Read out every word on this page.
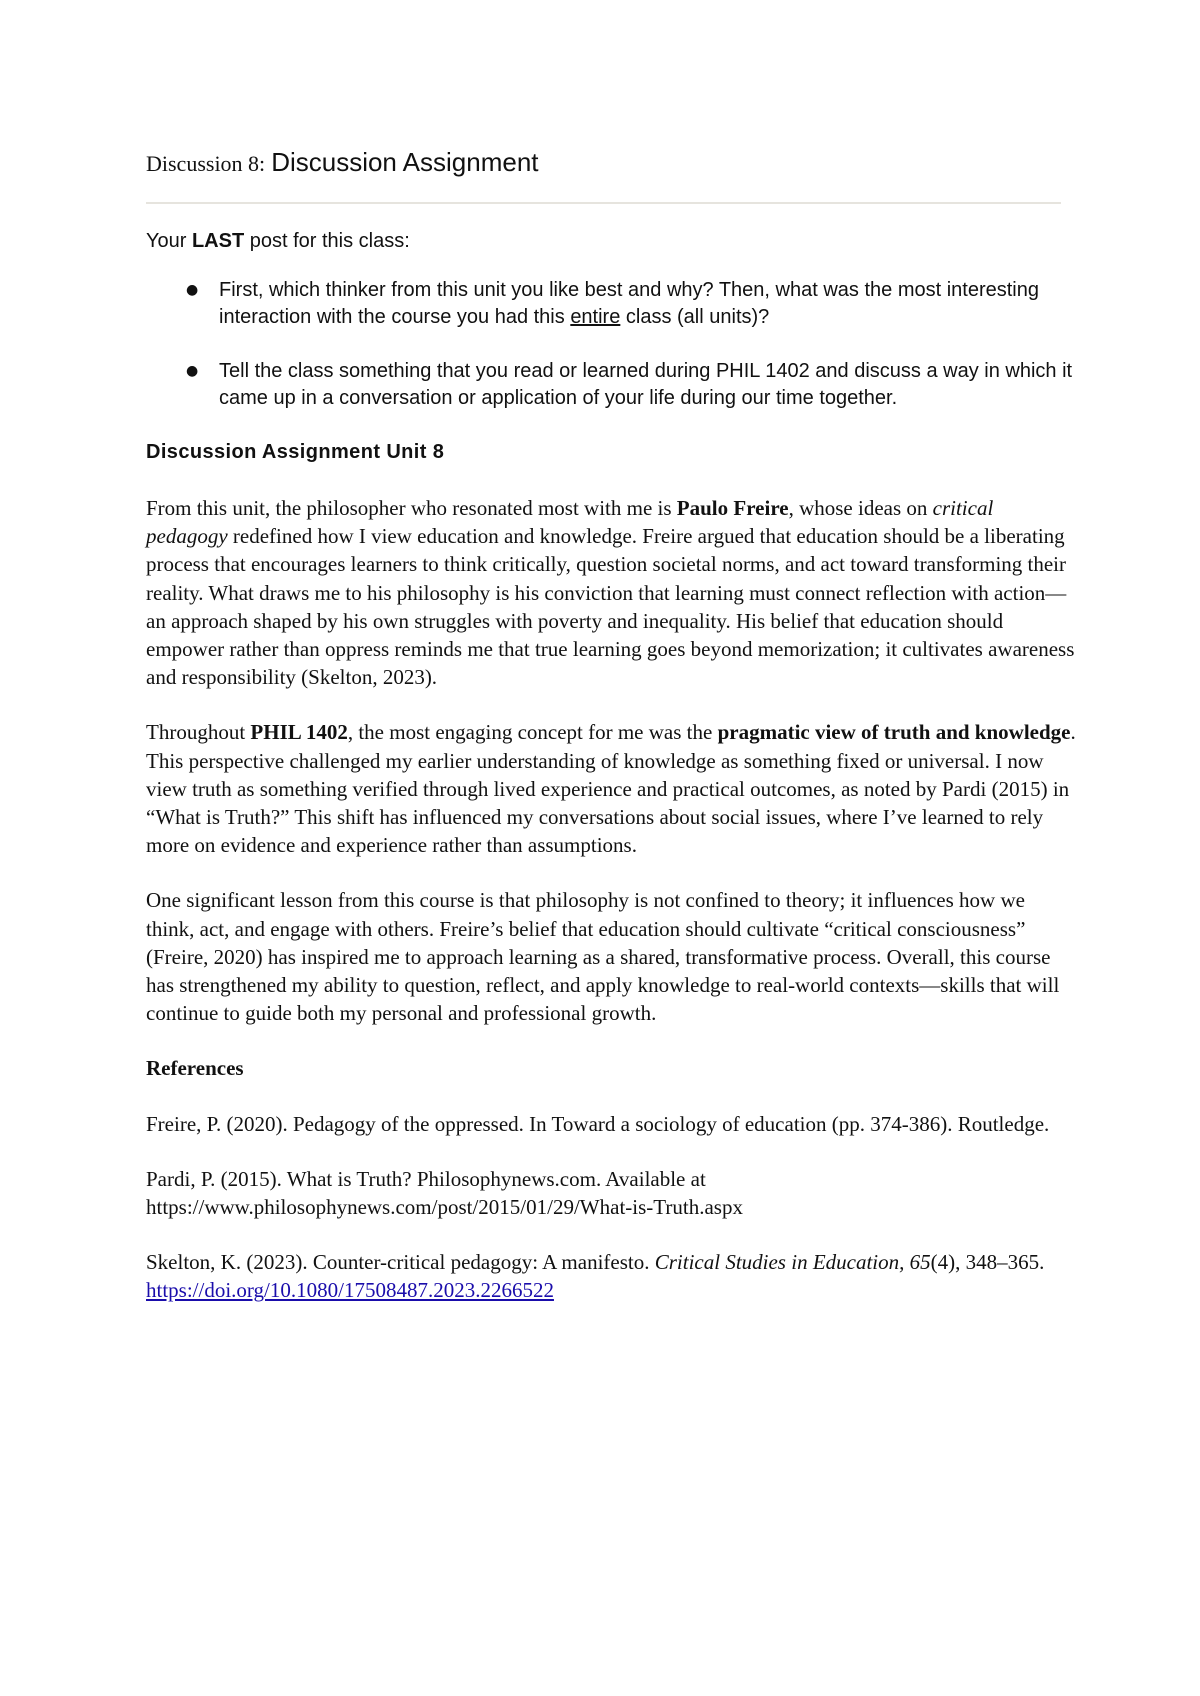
Discussion 8: Discussion Assignment

Your LAST post for this class:

● First, which thinker from this unit you like best and why? Then, what was the most interesting interaction with the course you had this entire class (all units)?
● Tell the class something that you read or learned during PHIL 1402 and discuss a way in which it came up in a conversation or application of your life during our time together.

Discussion Assignment Unit 8

From this unit, the philosopher who resonated most with me is Paulo Freire, whose ideas on critical pedagogy redefined how I view education and knowledge. Freire argued that education should be a liberating process that encourages learners to think critically, question societal norms, and act toward transforming their reality. What draws me to his philosophy is his conviction that learning must connect reflection with action—an approach shaped by his own struggles with poverty and inequality. His belief that education should empower rather than oppress reminds me that true learning goes beyond memorization; it cultivates awareness and responsibility (Skelton, 2023).

Throughout PHIL 1402, the most engaging concept for me was the pragmatic view of truth and knowledge. This perspective challenged my earlier understanding of knowledge as something fixed or universal. I now view truth as something verified through lived experience and practical outcomes, as noted by Pardi (2015) in “What is Truth?” This shift has influenced my conversations about social issues, where I’ve learned to rely more on evidence and experience rather than assumptions.

One significant lesson from this course is that philosophy is not confined to theory; it influences how we think, act, and engage with others. Freire’s belief that education should cultivate “critical consciousness” (Freire, 2020) has inspired me to approach learning as a shared, transformative process. Overall, this course has strengthened my ability to question, reflect, and apply knowledge to real-world contexts—skills that will continue to guide both my personal and professional growth.

References

Freire, P. (2020). Pedagogy of the oppressed. In Toward a sociology of education (pp. 374-386). Routledge.

Pardi, P. (2015). What is Truth? Philosophynews.com. Available at
https://www.philosophynews.com/post/2015/01/29/What-is-Truth.aspx

Skelton, K. (2023). Counter-critical pedagogy: A manifesto. Critical Studies in Education, 65(4), 348–365. https://doi.org/10.1080/17508487.2023.2266522
